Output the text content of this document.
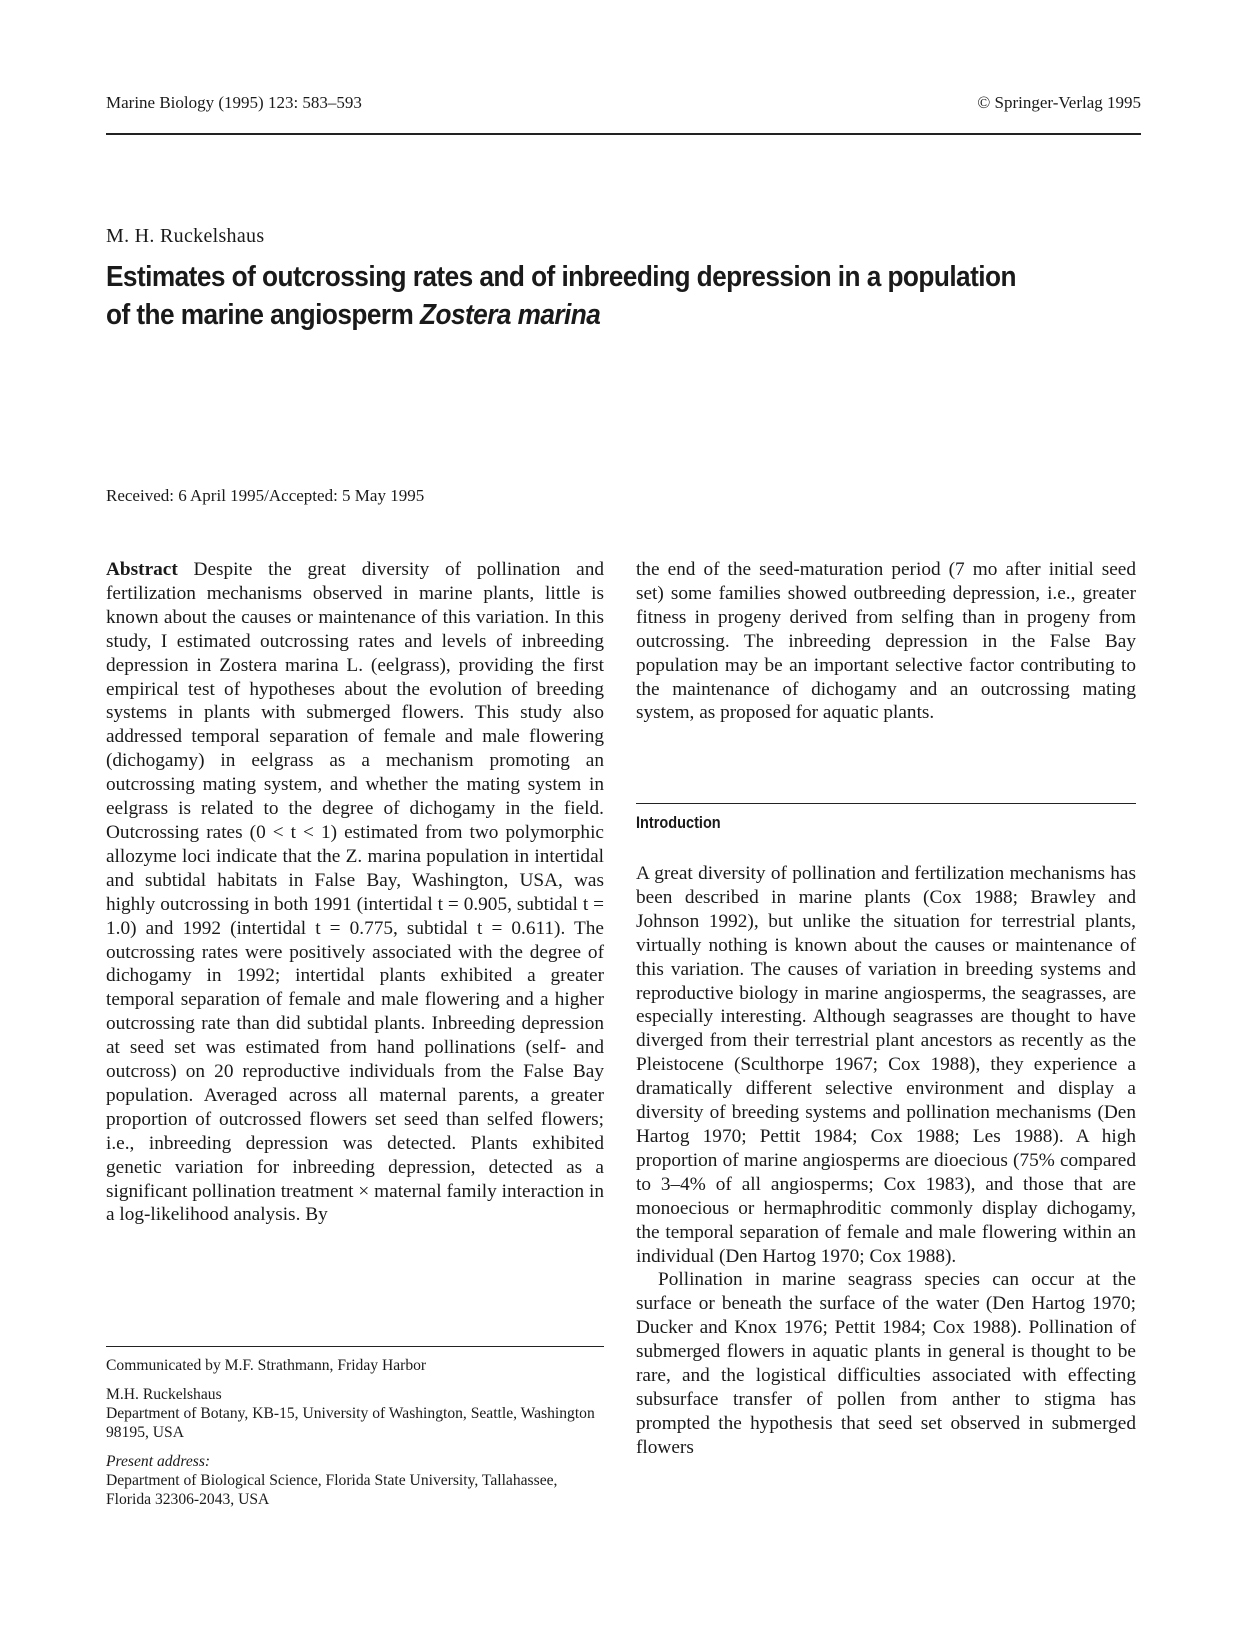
Marine Biology (1995) 123: 583–593	© Springer-Verlag 1995
M. H. Ruckelshaus
Estimates of outcrossing rates and of inbreeding depression in a population of the marine angiosperm Zostera marina
Received: 6 April 1995/Accepted: 5 May 1995

Abstract Despite the great diversity of pollination and fertilization mechanisms observed in marine plants, little is known about the causes or maintenance of this variation. In this study, I estimated outcrossing rates and levels of inbreeding depression in Zostera marina L. (eelgrass), providing the first empirical test of hypotheses about the evolution of breeding systems in plants with submerged flowers. This study also addressed temporal separation of female and male flowering (dichogamy) in eelgrass as a mechanism promoting an outcrossing mating system, and whether the mating system in eelgrass is related to the degree of dichogamy in the field. Outcrossing rates (0 < t < 1) estimated from two polymorphic allozyme loci indicate that the Z. marina population in intertidal and subtidal habitats in False Bay, Washington, USA, was highly outcrossing in both 1991 (intertidal t = 0.905, subtidal t = 1.0) and 1992 (intertidal t = 0.775, subtidal t = 0.611). The outcrossing rates were positively associated with the degree of dichogamy in 1992; intertidal plants exhibited a greater temporal separation of female and male flowering and a higher outcrossing rate than did subtidal plants. Inbreeding depression at seed set was estimated from hand pollinations (self- and outcross) on 20 reproductive individuals from the False Bay population. Averaged across all maternal parents, a greater proportion of outcrossed flowers set seed than selfed flowers; i.e., inbreeding depression was detected. Plants exhibited genetic variation for inbreeding depression, detected as a significant pollination treatment × maternal family interaction in a log-likelihood analysis. By

the end of the seed-maturation period (7 mo after initial seed set) some families showed outbreeding depression, i.e., greater fitness in progeny derived from selfing than in progeny from outcrossing. The inbreeding depression in the False Bay population may be an important selective factor contributing to the maintenance of dichogamy and an outcrossing mating system, as proposed for aquatic plants.

Introduction

A great diversity of pollination and fertilization mechanisms has been described in marine plants (Cox 1988; Brawley and Johnson 1992), but unlike the situation for terrestrial plants, virtually nothing is known about the causes or maintenance of this variation. The causes of variation in breeding systems and reproductive biology in marine angiosperms, the seagrasses, are especially interesting. Although seagrasses are thought to have diverged from their terrestrial plant ancestors as recently as the Pleistocene (Sculthorpe 1967; Cox 1988), they experience a dramatically different selective environment and display a diversity of breeding systems and pollination mechanisms (Den Hartog 1970; Pettit 1984; Cox 1988; Les 1988). A high proportion of marine angiosperms are dioecious (75% compared to 3–4% of all angiosperms; Cox 1983), and those that are monoecious or hermaphroditic commonly display dichogamy, the temporal separation of female and male flowering within an individual (Den Hartog 1970; Cox 1988).

Pollination in marine seagrass species can occur at the surface or beneath the surface of the water (Den Hartog 1970; Ducker and Knox 1976; Pettit 1984; Cox 1988). Pollination of submerged flowers in aquatic plants in general is thought to be rare, and the logistical difficulties associated with effecting subsurface transfer of pollen from anther to stigma has prompted the hypothesis that seed set observed in submerged flowers

Communicated by M.F. Strathmann, Friday Harbor

M.H. Ruckelshaus

Department of Botany, KB-15, University of Washington, Seattle, Washington 98195, USA

Present address:

Department of Biological Science, Florida State University, Tallahassee, Florida 32306-2043, USA
